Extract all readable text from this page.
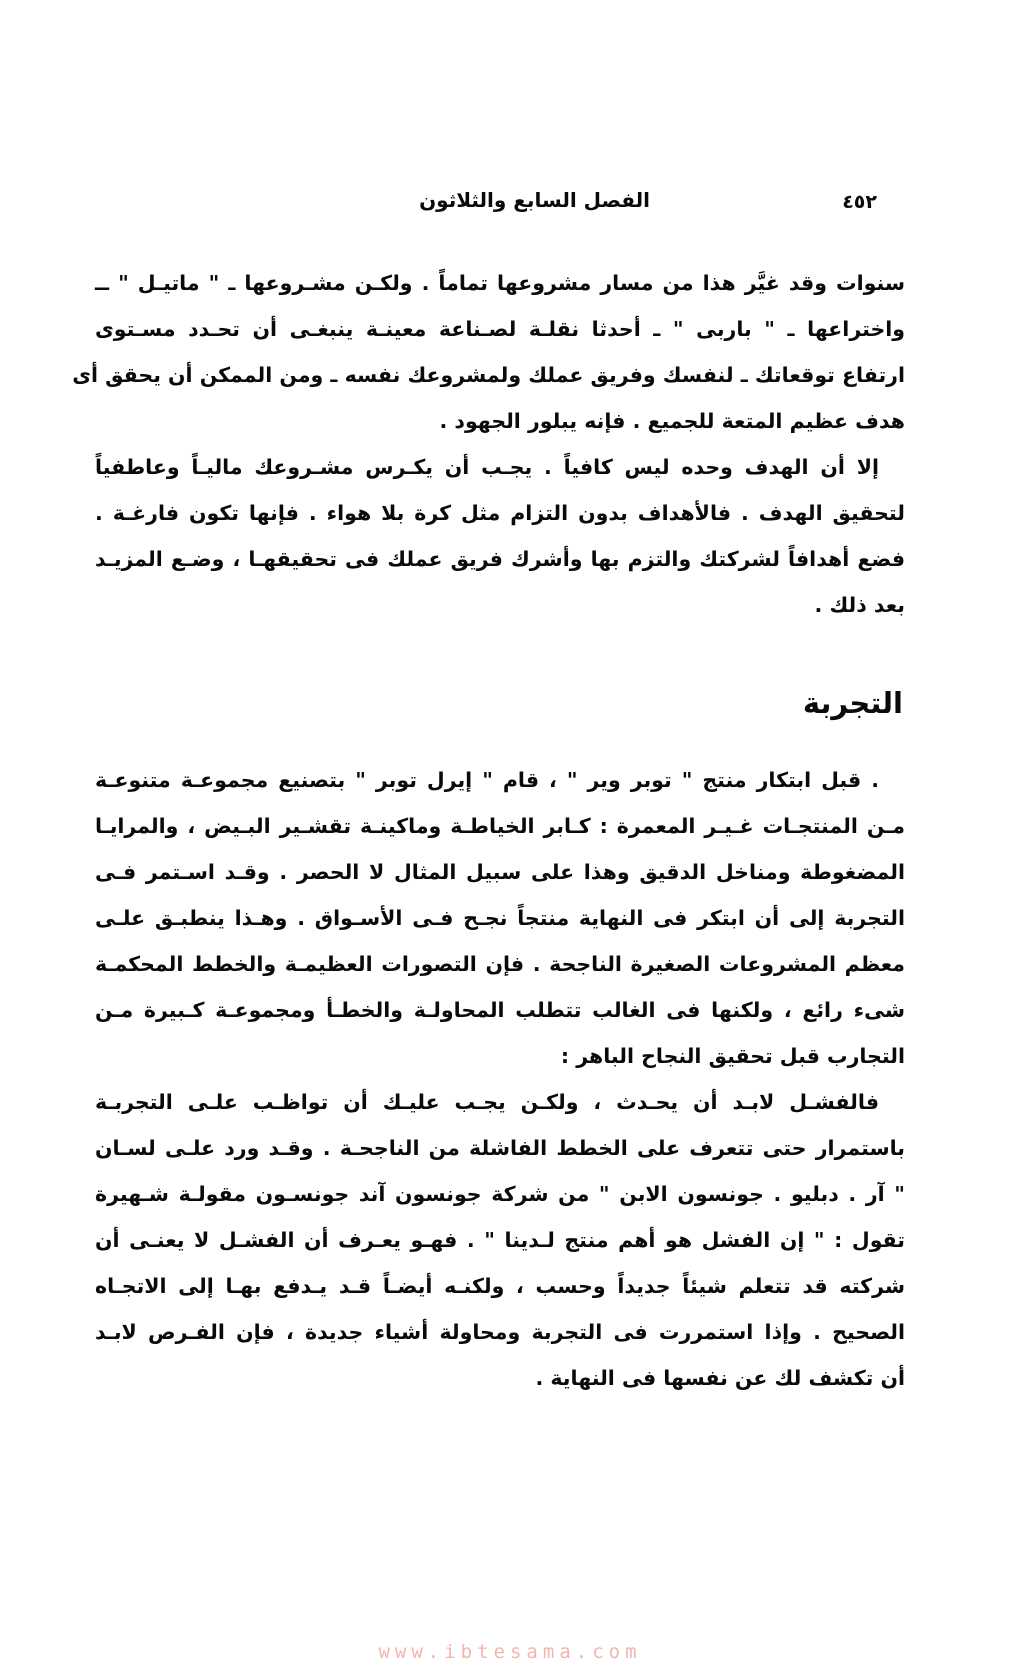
الفصل السابع والثلاثون	٤٥٢
سنوات وقد غيَّر هذا من مسار مشروعها تماماً . ولكـن مشـروعها ـ " ماتيـل " ــ
واختراعها ـ " باربى " ـ أحدثا نقلـة لصـناعة معينـة ينبغـى أن تحـدد مسـتوى
ارتفاع توقعاتك ـ لنفسك وفريق عملك ولمشروعك نفسه ـ ومن الممكن أن يحقق أى
هدف عظيم المتعة للجميع . فإنه يبلور الجهود .
إلا أن الهدف وحده ليس كافياً . يجـب أن يكـرس مشـروعك ماليـاً وعاطفياً
لتحقيق الهدف . فالأهداف بدون التزام مثل كرة بلا هواء . فإنها تكون فارغـة .
فضع أهدافاً لشركتك والتزم بها وأشرك فريق عملك فى تحقيقهـا ، وضـع المزيـد
بعد ذلك .
التجربة
. قبل ابتكار منتج " توبر وير " ، قام " إيرل توبر " بتصنيع مجموعـة متنوعـة
مـن المنتجـات غـيـر المعمرة : كـابر الخياطـة وماكينـة تقشـير البـيض ، والمرايـا
المضغوطة ومناخل الدقيق وهذا على سبيل المثال لا الحصر . وقـد اسـتمر فـى
التجربة إلى أن ابتكر فى النهاية منتجاً نجـح فـى الأسـواق . وهـذا ينطبـق علـى
معظم المشروعات الصغيرة الناجحة . فإن التصورات العظيمـة والخطط المحكمـة
شىء رائع ، ولكنها فى الغالب تتطلب المحاولـة والخطـأ ومجموعـة كـبيرة مـن
التجارب قبل تحقيق النجاح الباهر :
فالفشـل لابـد أن يحـدث ، ولكـن يجـب عليـك أن تواظـب علـى التجربـة
باستمرار حتى تتعرف على الخطط الفاشلة من الناجحـة . وقـد ورد علـى لسـان
" آر . دبليو . جونسون الابن " من شركة جونسون آند جونسـون مقولـة شـهيرة
تقول : " إن الفشل هو أهم منتج لـدينا " . فهـو يعـرف أن الفشـل لا يعنـى أن
شركته قد تتعلم شيئاً جديداً وحسب ، ولكنـه أيضـاً قـد يـدفع بهـا إلى الاتجـاه
الصحيح . وإذا استمررت فى التجربة ومحاولة أشياء جديدة ، فإن الفـرص لابـد
أن تكشف لك عن نفسها فى النهاية .
www.ibtesama.com
